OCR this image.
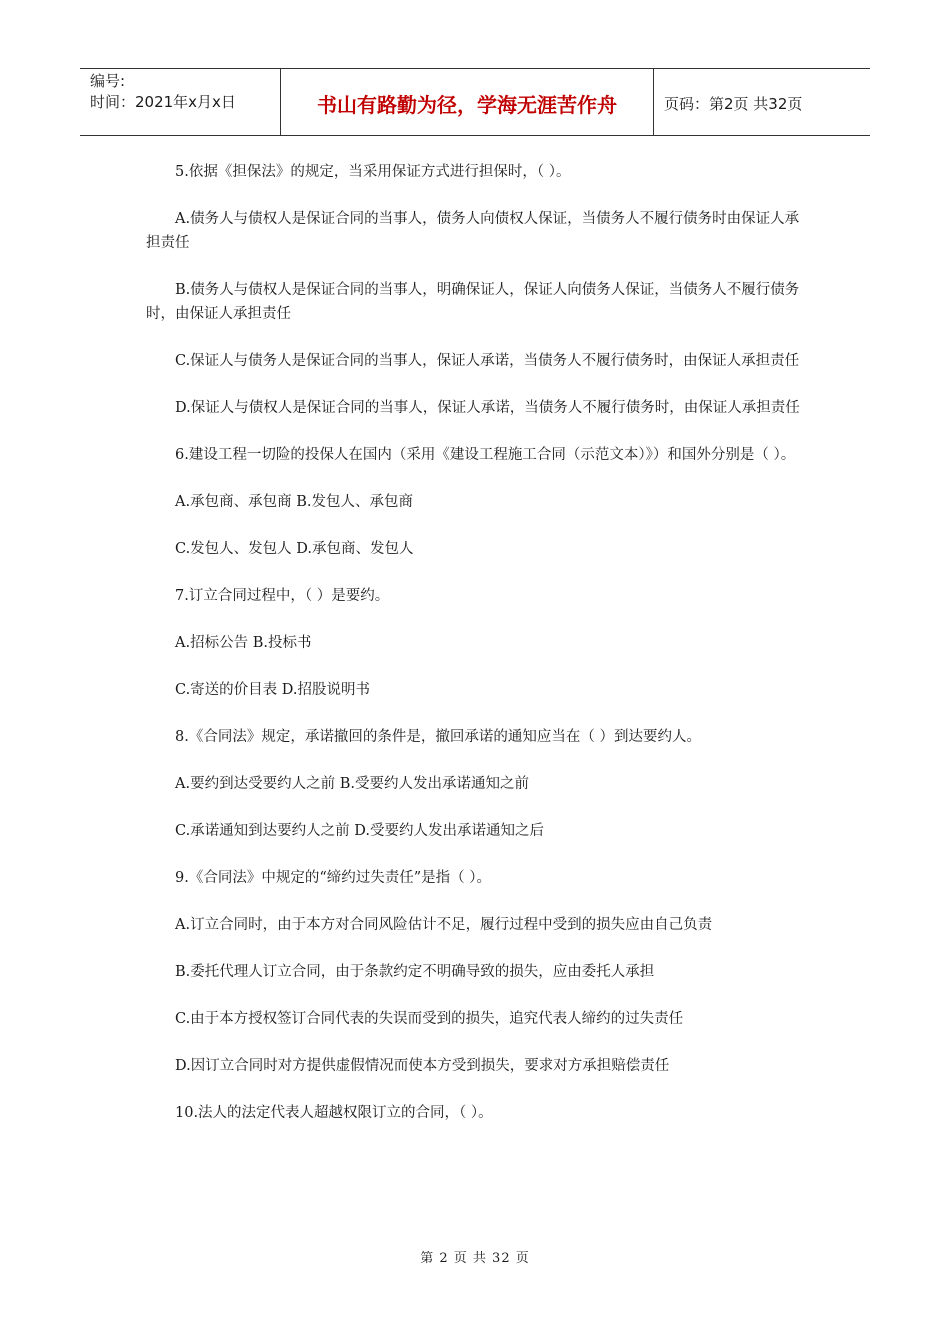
编号:
时间：2021年x月x日	书山有路勤为径，学海无涯苦作舟	页码：第2页 共32页

5.依据《担保法》的规定，当采用保证方式进行担保时，（ ）。

A.债务人与债权人是保证合同的当事人，债务人向债权人保证，当债务人不履行债务时由保证人承担责任

B.债务人与债权人是保证合同的当事人，明确保证人，保证人向债务人保证，当债务人不履行债务时，由保证人承担责任

C.保证人与债务人是保证合同的当事人，保证人承诺，当债务人不履行债务时，由保证人承担责任

D.保证人与债权人是保证合同的当事人，保证人承诺，当债务人不履行债务时，由保证人承担责任

6.建设工程一切险的投保人在国内（采用《建设工程施工合同（示范文本）》）和国外分别是（ ）。

A.承包商、承包商 B.发包人、承包商

C.发包人、发包人 D.承包商、发包人

7.订立合同过程中，（ ）是要约。

A.招标公告 B.投标书

C.寄送的价目表 D.招股说明书

8.《合同法》规定，承诺撤回的条件是，撤回承诺的通知应当在（ ）到达要约人。

A.要约到达受要约人之前 B.受要约人发出承诺通知之前

C.承诺通知到达要约人之前 D.受要约人发出承诺通知之后

9.《合同法》中规定的“缔约过失责任”是指（ ）。

A.订立合同时，由于本方对合同风险估计不足，履行过程中受到的损失应由自己负责

B.委托代理人订立合同，由于条款约定不明确导致的损失，应由委托人承担

C.由于本方授权签订合同代表的失误而受到的损失，追究代表人缔约的过失责任

D.因订立合同时对方提供虚假情况而使本方受到损失，要求对方承担赔偿责任

10.法人的法定代表人超越权限订立的合同，（ ）。

第 2 页 共 32 页
